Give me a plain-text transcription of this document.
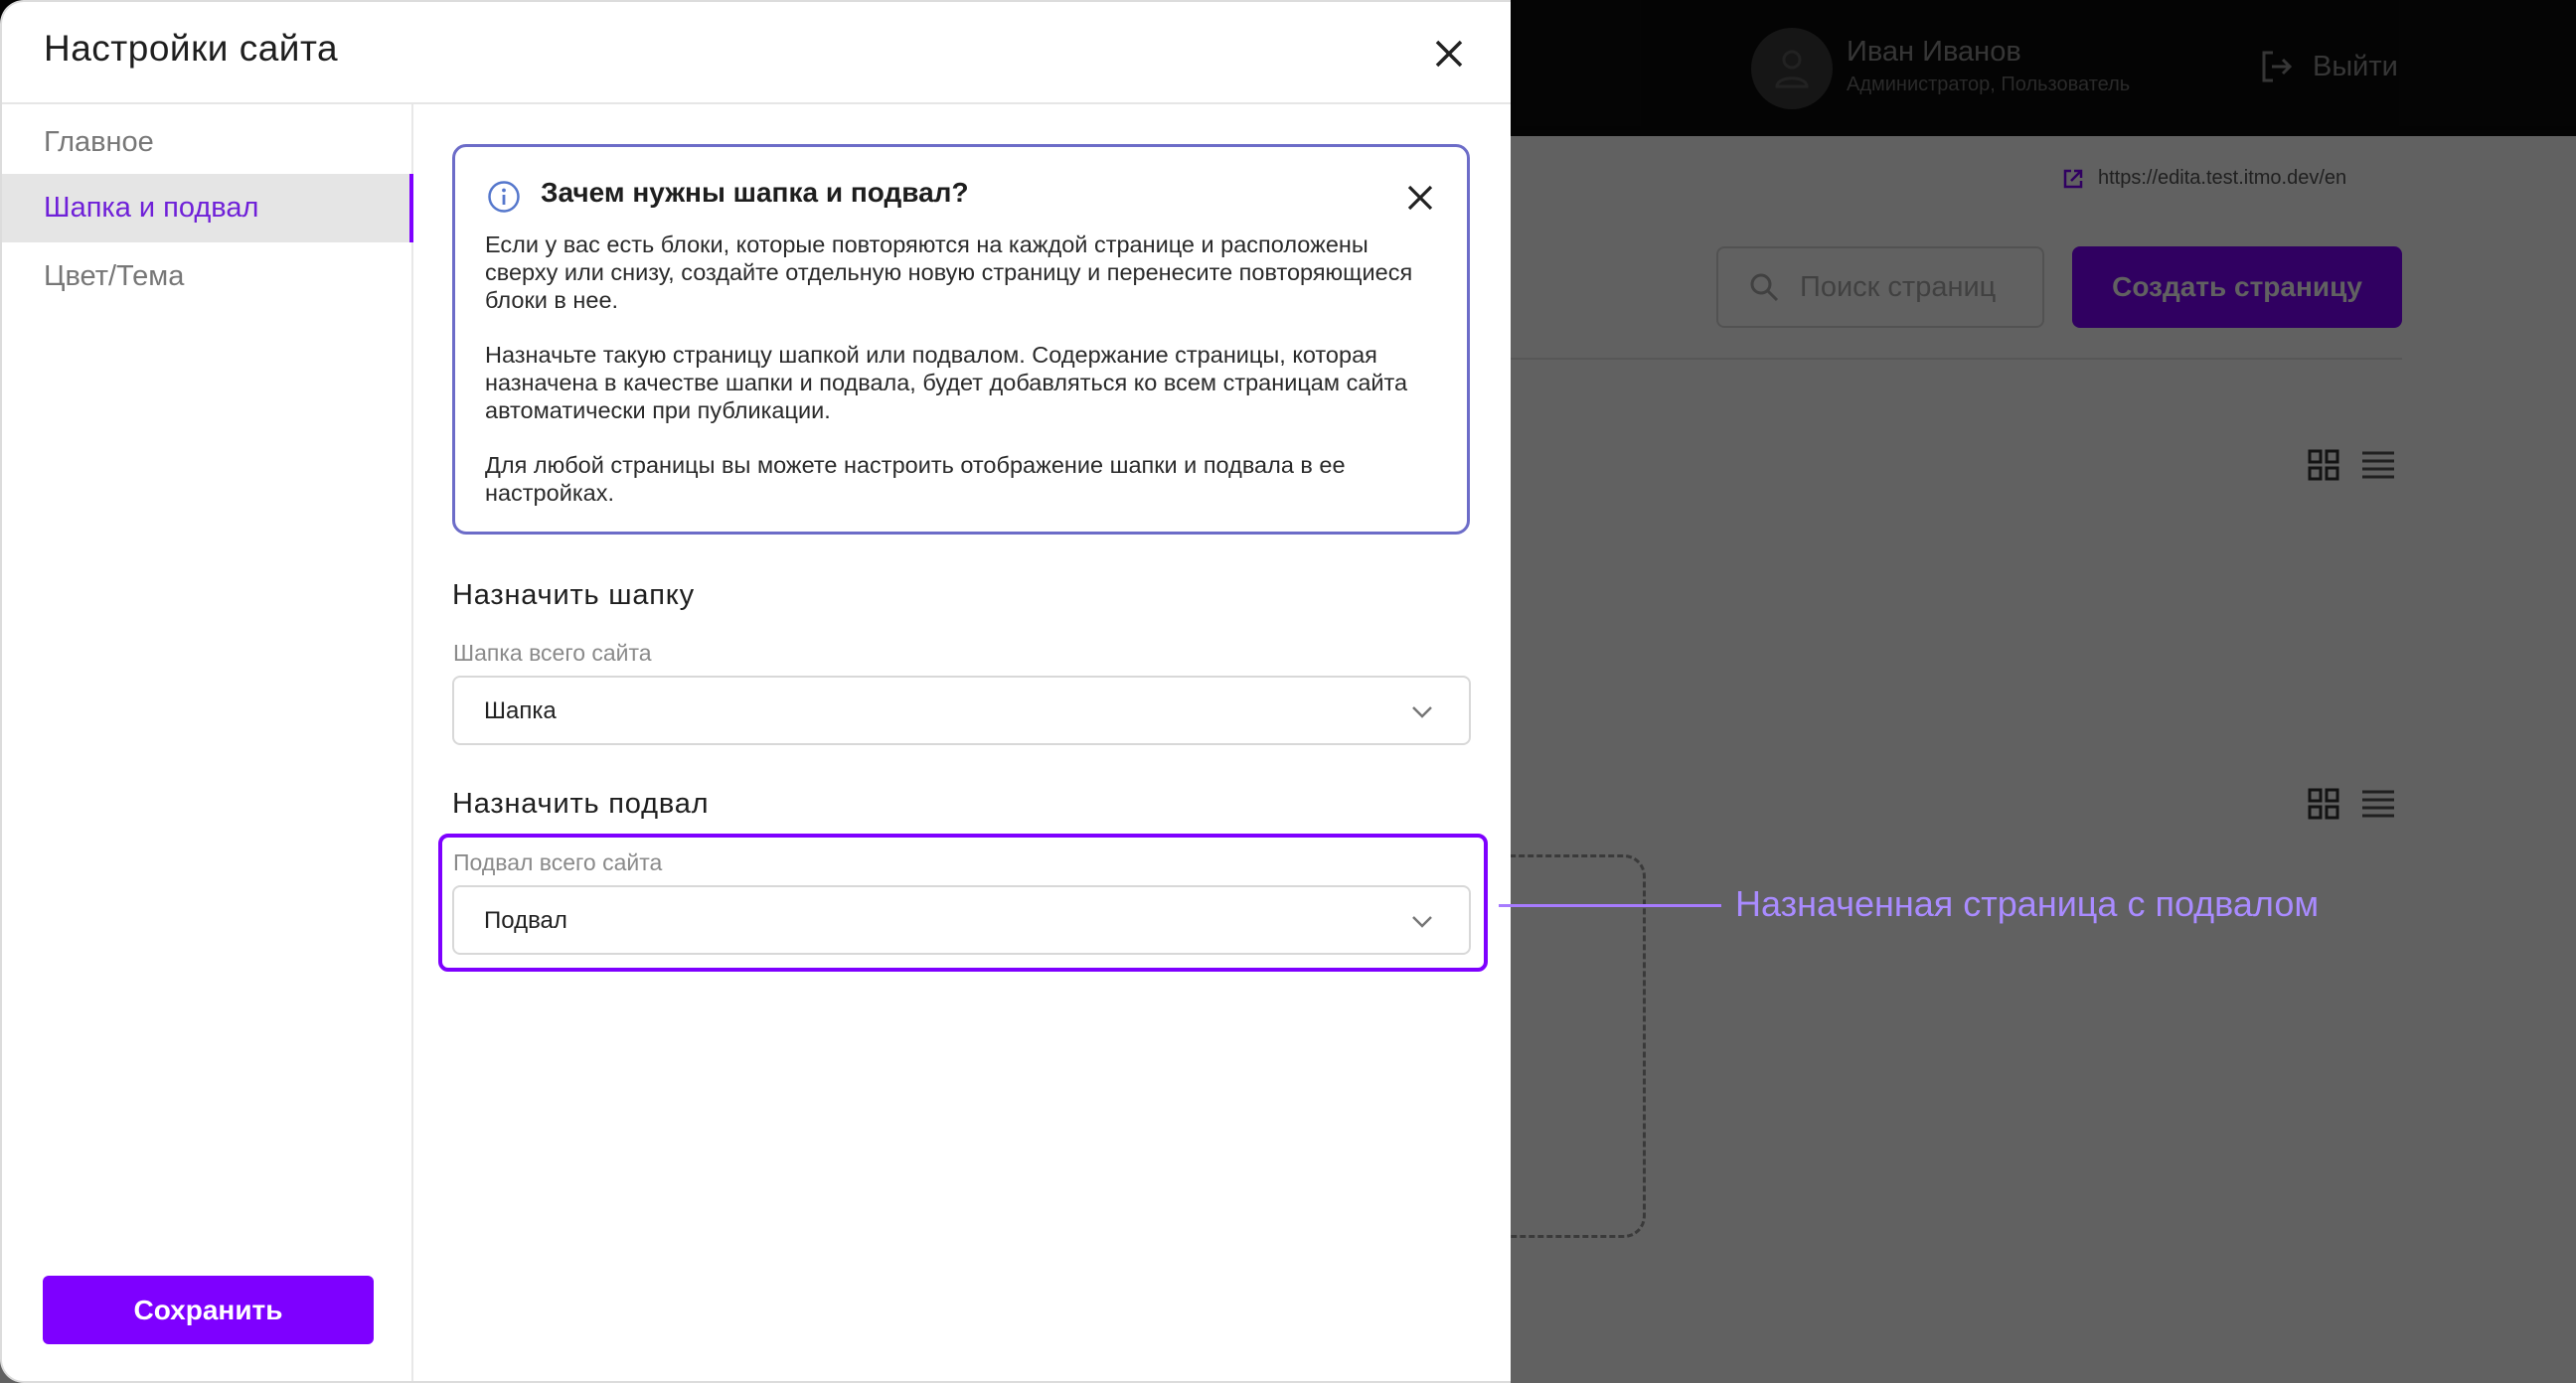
Настройки сайта
Главное
Шапка и подвал
Цвет/Тема
Сохранить
Зачем нужны шапка и подвал?
Если у вас есть блоки, которые повторяются на каждой странице и расположены сверху или снизу, создайте отдельную новую страницу и перенесите повторяющиеся блоки в нее.
Назначьте такую страницу шапкой или подвалом. Содержание страницы, которая назначена в качестве шапки и подвала, будет добавляться ко всем страницам сайта автоматически при публикации.
Для любой страницы вы можете настроить отображение шапки и подвала в ее настройках.
Назначить шапку
Шапка всего сайта
Шапка
Назначить подвал
Подвал всего сайта
Подвал	Назначенная страница с подвалом
